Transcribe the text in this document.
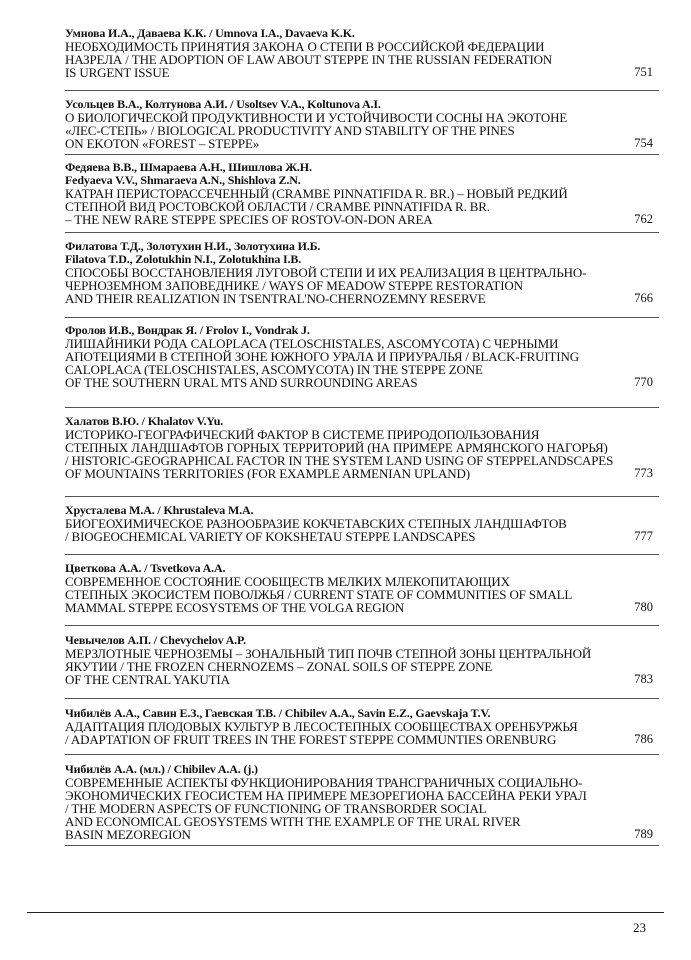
Умнова И.А., Даваева К.К. / Umnova I.A., Davaeva K.K.
НЕОБХОДИМОСТЬ ПРИНЯТИЯ ЗАКОНА О СТЕПИ В РОССИЙСКОЙ ФЕДЕРАЦИИ
НАЗРЕЛА / THE ADOPTION OF LAW ABOUT STEPPE IN THE RUSSIAN FEDERATION
IS URGENT ISSUE	751
Усольцев В.А., Колтунова А.И. / Usoltsev V.A., Koltunova A.I.
О БИОЛОГИЧЕСКОЙ ПРОДУКТИВНОСТИ И УСТОЙЧИВОСТИ СОСНЫ НА ЭКОТОНЕ
«ЛЕС-СТЕПЬ» / BIOLOGICAL PRODUCTIVITY AND STABILITY OF THE PINES
ON EKOTON «FOREST – STEPPE»	754
Федяева В.В., Шмараева А.Н., Шишлова Ж.Н.
Fedyaeva V.V., Shmaraeva A.N., Shishlova Z.N.
КАТРАН ПЕРИСТОРАССЕЧЕННЫЙ (CRAMBE PINNATIFIDA R. BR.) – НОВЫЙ РЕДКИЙ
СТЕПНОЙ ВИД РОСТОВСКОЙ ОБЛАСТИ / CRAMBE PINNATIFIDA R. BR.
– THE NEW RARE STEPPE SPECIES OF ROSTOV-ON-DON AREA	762
Филатова Т.Д., Золотухин Н.И., Золотухина И.Б.
Filatova T.D., Zolotukhin N.I., Zolotukhina I.B.
СПОСОБЫ ВОССТАНОВЛЕНИЯ ЛУГОВОЙ СТЕПИ И ИХ РЕАЛИЗАЦИЯ В ЦЕНТРАЛЬНО-
ЧЕРНОЗЕМНОМ ЗАПОВЕДНИКЕ / WAYS OF MEADOW STEPPE RESTORATION
AND THEIR REALIZATION IN TSENTRAL'NO-CHERNOZEMNY RESERVE	766
Фролов И.В., Вондрак Я. / Frolov I., Vondrak J.
ЛИШАЙНИКИ РОДА CALOPLACA (TELOSCHISTALES, ASCOMYCOTA) С ЧЕРНЫМИ
АПОТЕЦИЯМИ В СТЕПНОЙ ЗОНЕ ЮЖНОГО УРАЛА И ПРИУРАЛЬЯ / BLACK-FRUITING
CALOPLACA (TELOSCHISTALES, ASCOMYCOTA) IN THE STEPPE ZONE
OF THE SOUTHERN URAL MTS AND SURROUNDING AREAS	770
Халатов В.Ю. / Khalatov V.Yu.
ИСТОРИКО-ГЕОГРАФИЧЕСКИЙ ФАКТОР В СИСТЕМЕ ПРИРОДОПОЛЬЗОВАНИЯ
СТЕПНЫХ ЛАНДШАФТОВ ГОРНЫХ ТЕРРИТОРИЙ (НА ПРИМЕРЕ АРМЯНСКОГО НАГОРЬЯ)
/ HISTORIC-GEOGRAPHICAL FACTOR IN THE SYSTEM LAND USING OF STEPPELANDSCAPES
OF MOUNTAINS TERRITORIES (FOR EXAMPLE ARMENIAN UPLAND)	773
Хрусталева М.А. / Khrustaleva M.A.
БИОГЕОХИМИЧЕСКОЕ РАЗНООБРАЗИЕ КОКЧЕТАВСКИХ СТЕПНЫХ ЛАНДШАФТОВ
/ BIOGEOCHEMICAL VARIETY OF KOKSHETAU STEPPE LANDSCAPES	777
Цветкова А.А. / Tsvetkova A.A.
СОВРЕМЕННОЕ СОСТОЯНИЕ СООБЩЕСТВ МЕЛКИХ МЛЕКОПИТАЮЩИХ
СТЕПНЫХ ЭКОСИСТЕМ ПОВОЛЖЬЯ / CURRENT STATE OF COMMUNITIES OF SMALL
MAMMAL STEPPE ECOSYSTEMS OF THE VOLGA REGION	780
Чевычелов А.П. / Chevychelov A.P.
МЕРЗЛОТНЫЕ ЧЕРНОЗЕМЫ – ЗОНАЛЬНЫЙ ТИП ПОЧВ СТЕПНОЙ ЗОНЫ ЦЕНТРАЛЬНОЙ
ЯКУТИИ / THE FROZEN CHERNOZEMS – ZONAL SOILS OF STEPPE ZONE
OF THE CENTRAL YAKUTIA	783
Чибилёв А.А., Савин Е.З., Гаевская Т.В. / Chibilev A.A., Savin E.Z., Gaevskaja T.V.
АДАПТАЦИЯ ПЛОДОВЫХ КУЛЬТУР В ЛЕСОСТЕПНЫХ СООБЩЕСТВАХ ОРЕНБУРЖЬЯ
/ ADAPTATION OF FRUIT TREES IN THE FOREST STEPPE COMMUNTIES ORENBURG	786
Чибилёв А.А. (мл.) / Chibilev A.A. (j.)
СОВРЕМЕННЫЕ АСПЕКТЫ ФУНКЦИОНИРОВАНИЯ ТРАНСГРАНИЧНЫХ СОЦИАЛЬНО-
ЭКОНОМИЧЕСКИХ ГЕОСИСТЕМ НА ПРИМЕРЕ МЕЗОРЕГИОНА БАССЕЙНА РЕКИ УРАЛ
/ THE MODERN ASPECTS OF FUNCTIONING OF TRANSBORDER SOCIAL
AND ECONOMICAL GEOSYSTEMS WITH THE EXAMPLE OF THE URAL RIVER
BASIN MEZOREGION	789
23
